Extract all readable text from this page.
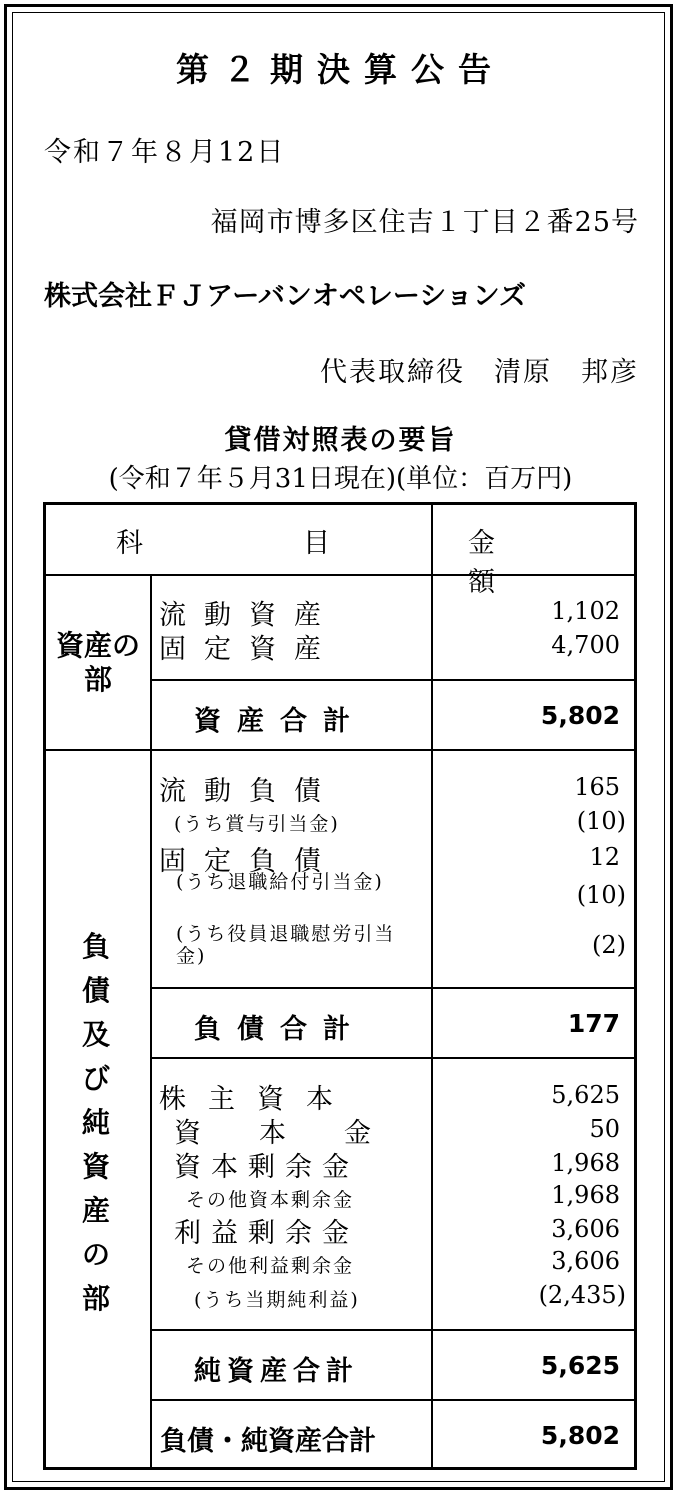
第２期決算公告
令和７年８月12日
福岡市博多区住吉１丁目２番25号
株式会社ＦＪアーバンオペレーションズ
代表取締役　清原　邦彦
貸借対照表の要旨
(令和７年５月31日現在)(単位：百万円)
科目
金額
資産の部
流動資産	1,102
固定資産	4,700
資産合計	5,802
負債及び純資産の部
流動負債	165
(うち賞与引当金)	(10)
固定負債	12
(うち退職給付引当金)	(10)
(うち役員退職慰労引当金)	(2)
負債合計	177
株主資本	5,625
資本金	50
資本剰余金	1,968
その他資本剰余金	1,968
利益剰余金	3,606
その他利益剰余金	3,606
(うち当期純利益)	(2,435)
純資産合計	5,625
負債・純資産合計	5,802
